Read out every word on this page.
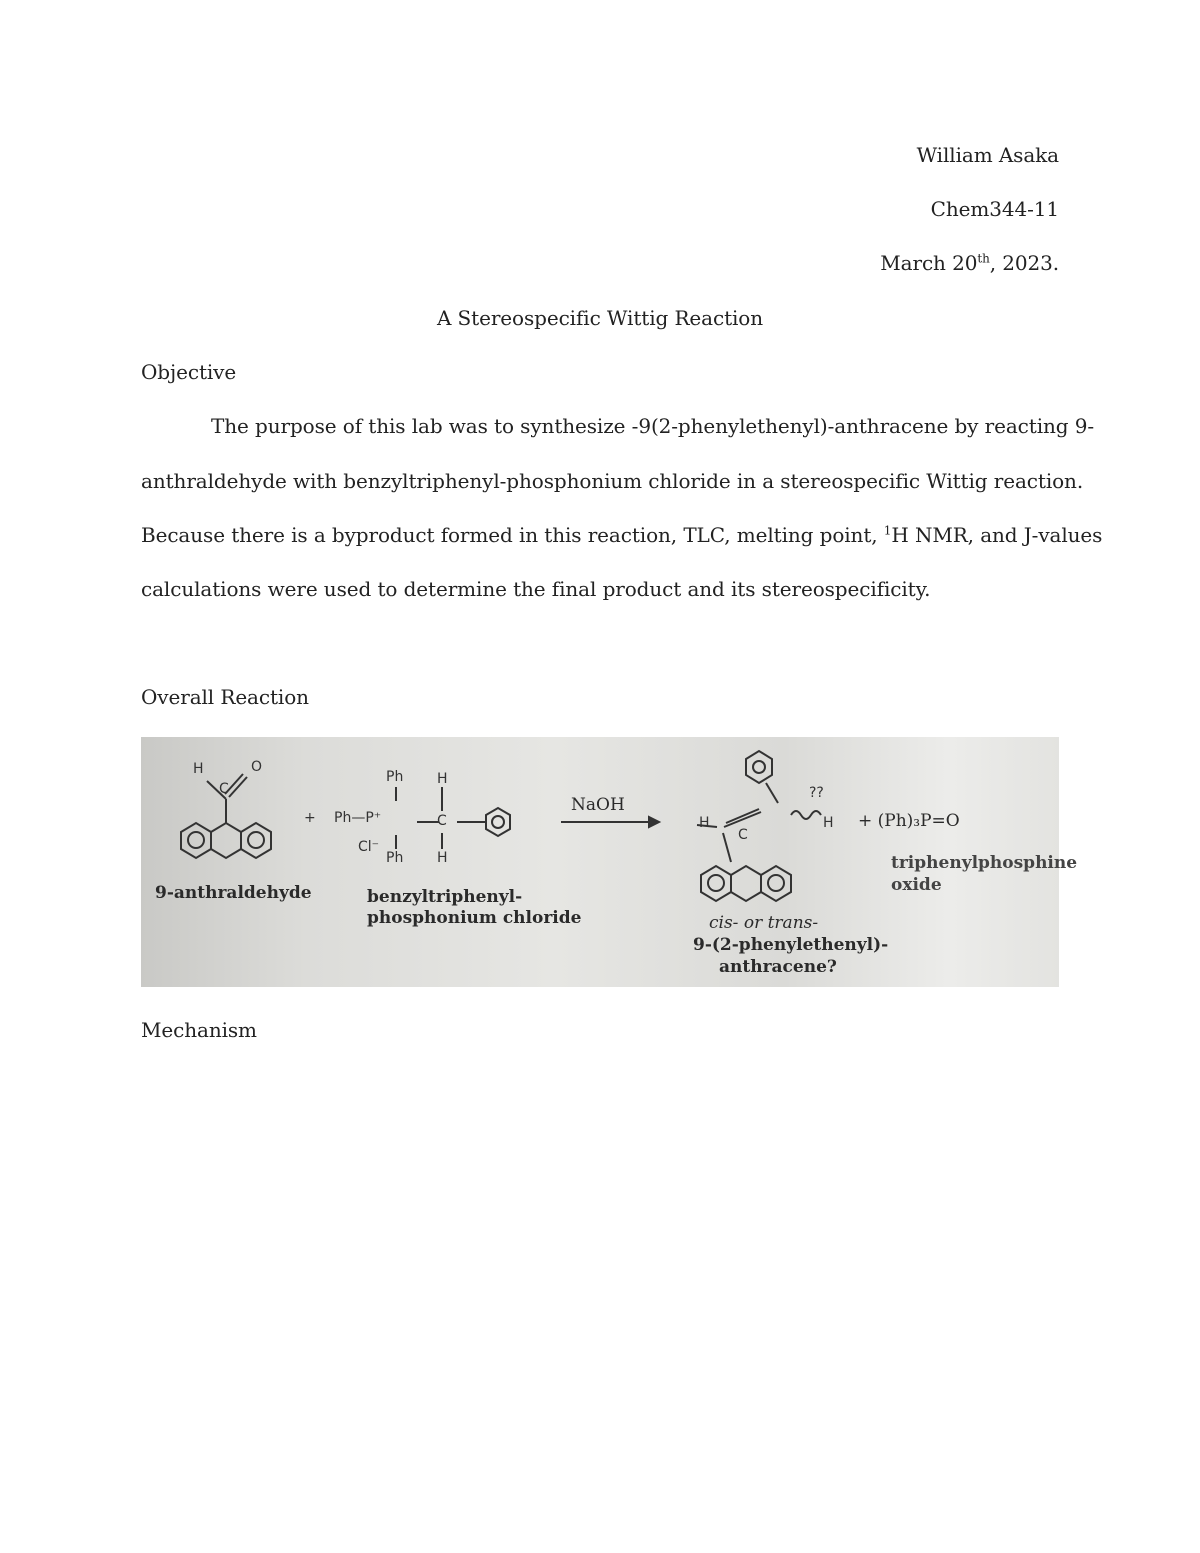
William Asaka
Chem344-11
March 20th, 2023.
A Stereospecific Wittig Reaction
Objective
The purpose of this lab was to synthesize -9(2-phenylethenyl)-anthracene by reacting 9-
anthraldehyde with benzyltriphenyl-phosphonium chloride in a stereospecific Wittig reaction.
Because there is a byproduct formed in this reaction, TLC, melting point, $^1$H NMR, and J-values
calculations were used to determine the final product and its stereospecificity.
Overall Reaction
H	O
C
+ Ph—P⁺
Ph
Ph
Cl⁻
H
H
C
NaOH
??
H	H
C
+ (Ph)₃P=O
triphenylphosphine
oxide
9-anthraldehyde	benzyltriphenyl-
phosphonium chloride	cis- or trans-
9-(2-phenylethenyl)-
anthracene?
Mechanism
